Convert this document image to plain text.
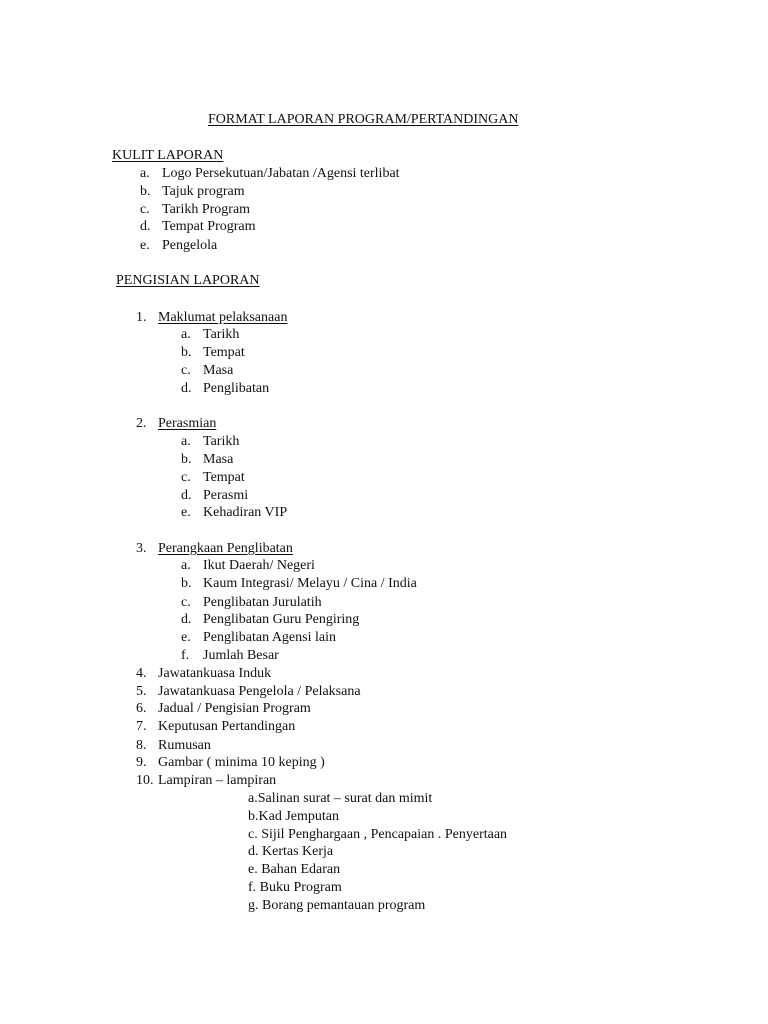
FORMAT LAPORAN PROGRAM/PERTANDINGAN
KULIT LAPORAN
a. Logo Persekutuan/Jabatan /Agensi terlibat
b. Tajuk program
c. Tarikh Program
d. Tempat Program
e. Pengelola
PENGISIAN LAPORAN
1. Maklumat pelaksanaan
a. Tarikh
b. Tempat
c. Masa
d. Penglibatan
2. Perasmian
a. Tarikh
b. Masa
c. Tempat
d. Perasmi
e. Kehadiran VIP
3. Perangkaan Penglibatan
a. Ikut Daerah/ Negeri
b. Kaum Integrasi/ Melayu / Cina / India
c. Penglibatan Jurulatih
d. Penglibatan Guru Pengiring
e. Penglibatan Agensi lain
f. Jumlah Besar
4. Jawatankuasa Induk
5. Jawatankuasa Pengelola / Pelaksana
6. Jadual / Pengisian Program
7. Keputusan Pertandingan
8. Rumusan
9. Gambar ( minima 10 keping )
10. Lampiran – lampiran
a.Salinan surat – surat dan mimit
b.Kad Jemputan
c. Sijil Penghargaan , Pencapaian . Penyertaan
d. Kertas Kerja
e. Bahan Edaran
f. Buku Program
g. Borang pemantauan program
